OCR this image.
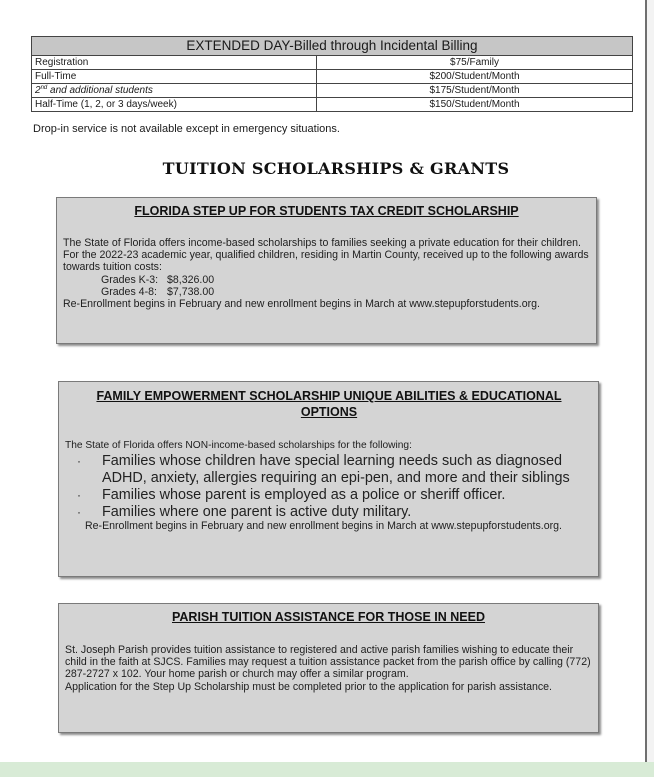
EXTENDED DAY-Billed through Incidental Billing	
Registration	$75/Family
Full-Time	$200/Student/Month
2nd and additional students	$175/Student/Month
Half-Time (1, 2, or 3 days/week)	$150/Student/Month
Drop-in service is not available except in emergency situations.
TUITION SCHOLARSHIPS & GRANTS
FLORIDA STEP UP FOR STUDENTS TAX CREDIT SCHOLARSHIP
The State of Florida offers income-based scholarships to families seeking a private education for their children. For the 2022-23 academic year, qualified children, residing in Martin County, received up to the following awards towards tuition costs:
Grades K-3: $8,326.00
Grades 4-8: $7,738.00
Re-Enrollment begins in February and new enrollment begins in March at www.stepupforstudents.org.
FAMILY EMPOWERMENT SCHOLARSHIP UNIQUE ABILITIES & EDUCATIONAL OPTIONS
The State of Florida offers NON-income-based scholarships for the following:
·	Families whose children have special learning needs such as diagnosed ADHD, anxiety, allergies requiring an epi-pen, and more and their siblings
·	Families whose parent is employed as a police or sheriff officer.
·	Families where one parent is active duty military.
Re-Enrollment begins in February and new enrollment begins in March at www.stepupforstudents.org.
PARISH TUITION ASSISTANCE FOR THOSE IN NEED
St. Joseph Parish provides tuition assistance to registered and active parish families wishing to educate their child in the faith at SJCS. Families may request a tuition assistance packet from the parish office by calling (772) 287-2727 x 102. Your home parish or church may offer a similar program.
Application for the Step Up Scholarship must be completed prior to the application for parish assistance.
